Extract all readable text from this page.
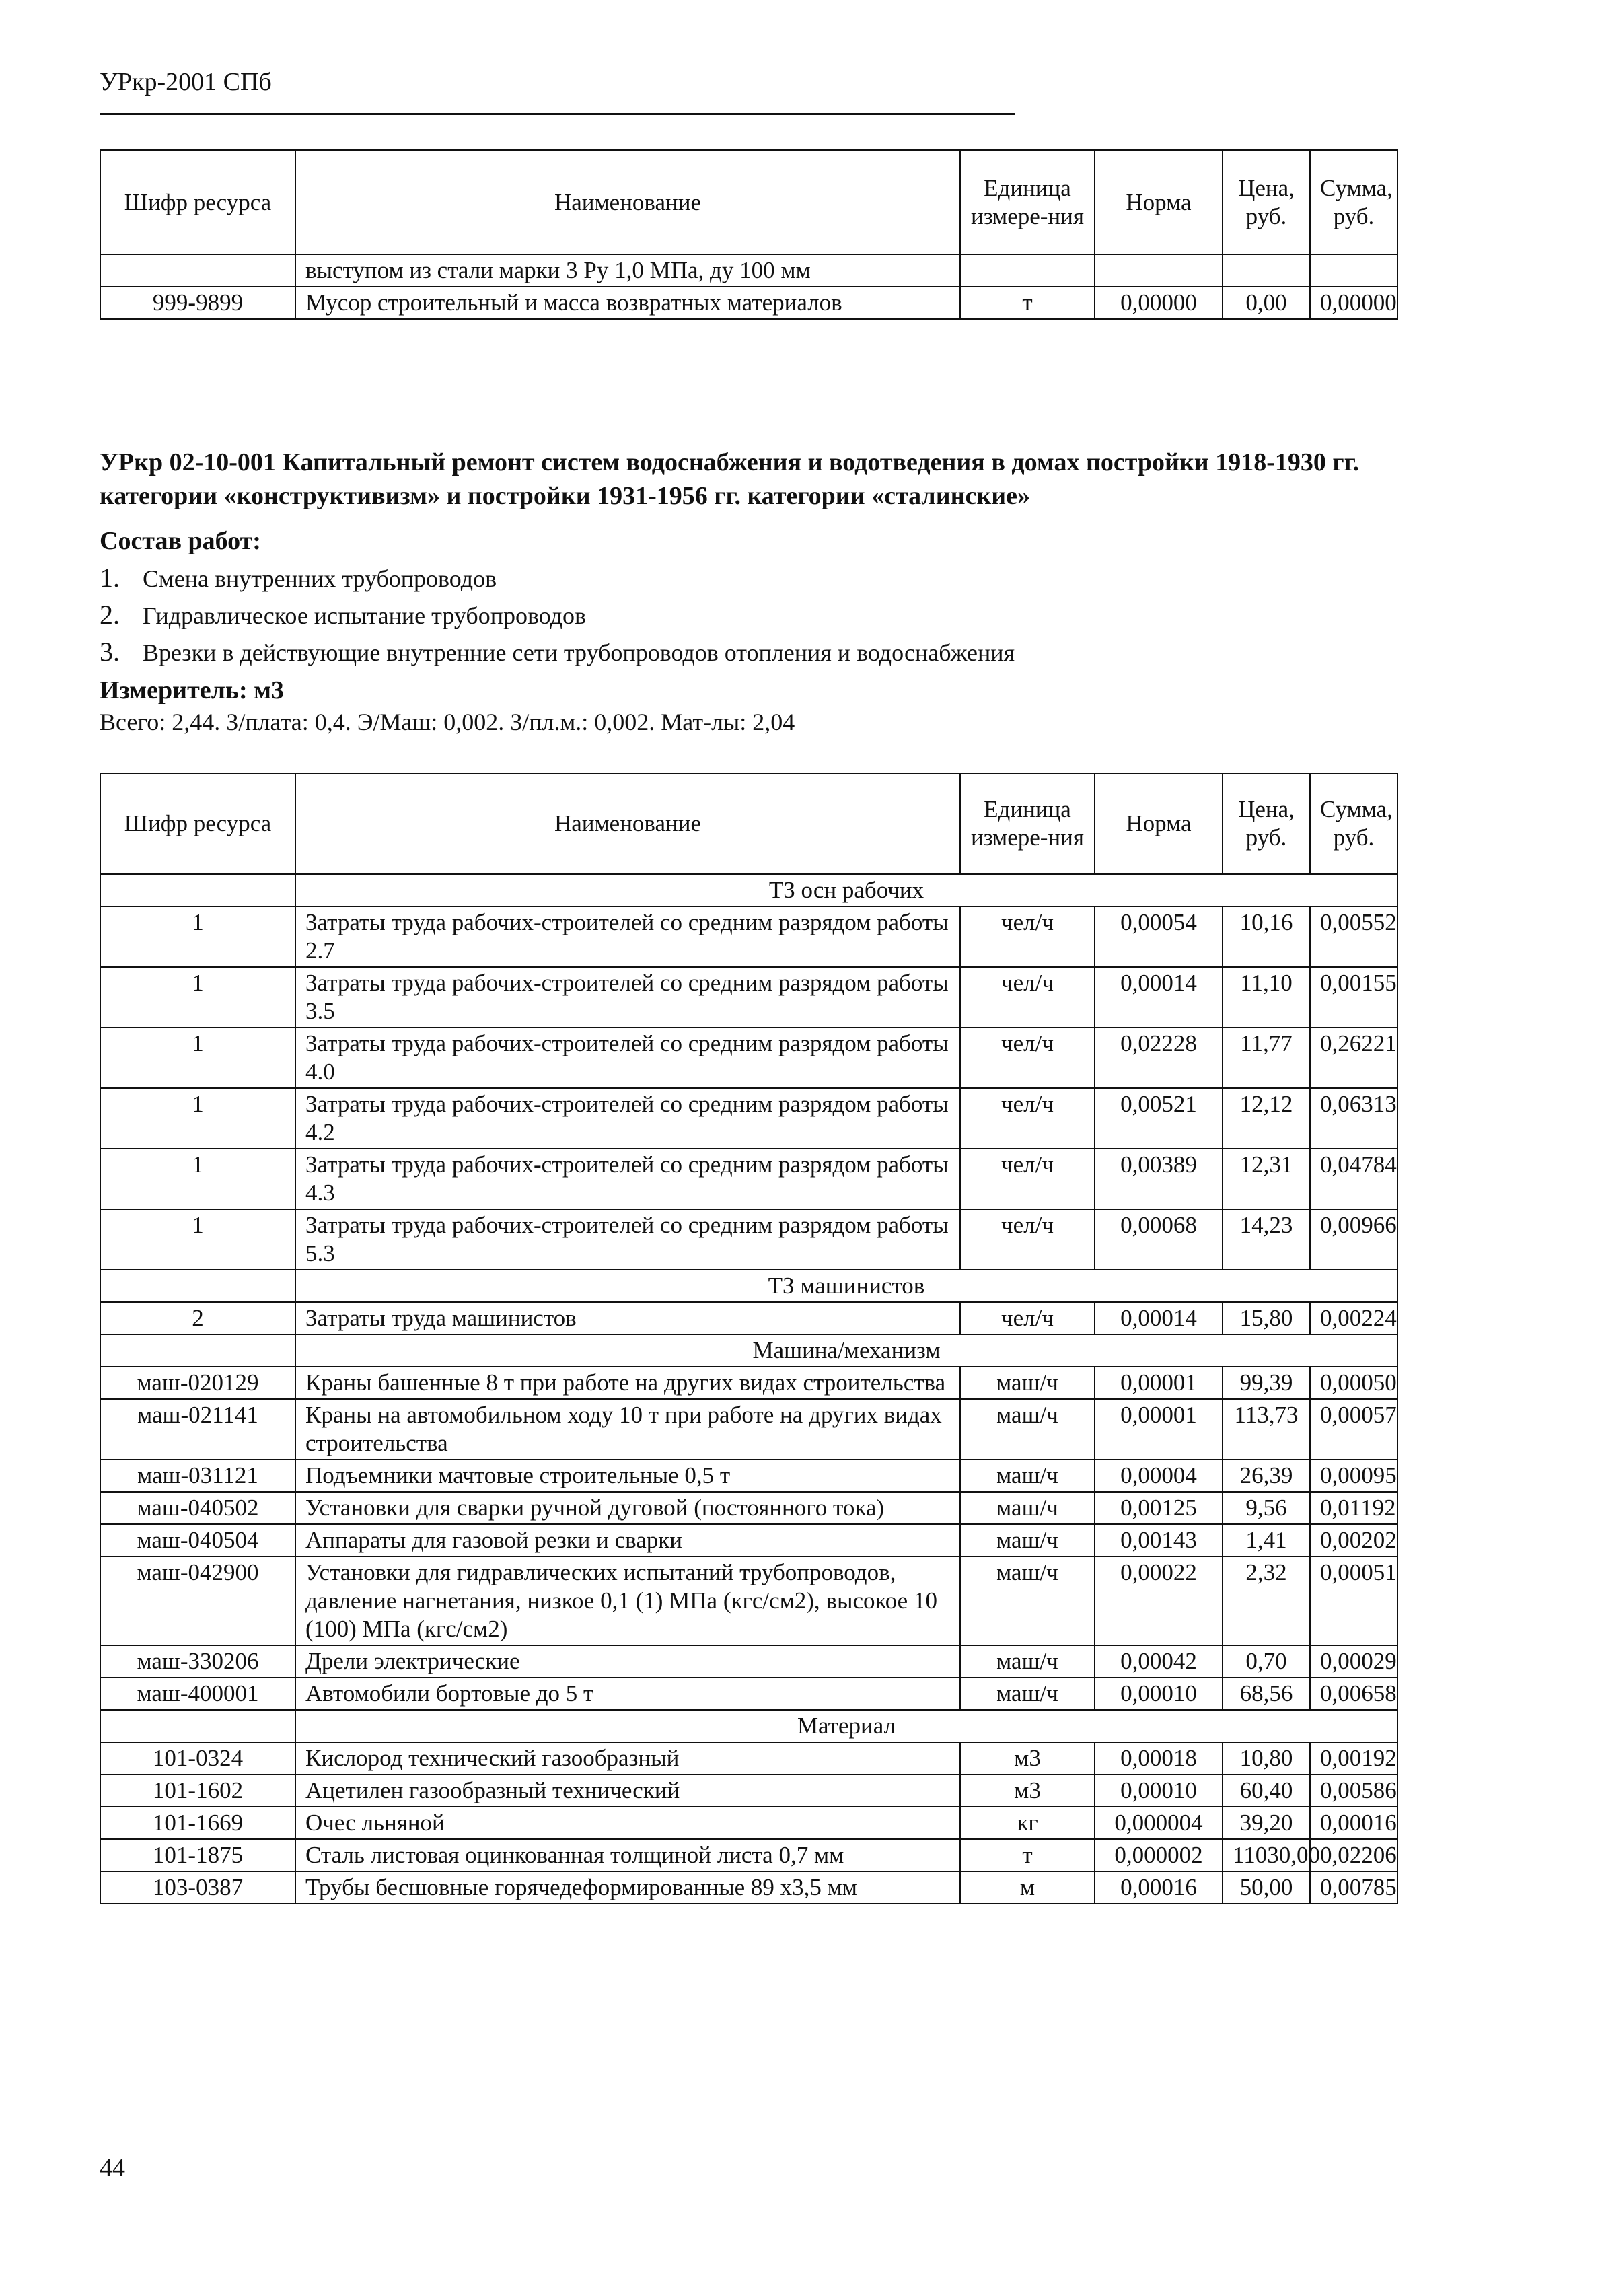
УРкр-2001 СПб
Шифр ресурса	Наименование	Единица измере-ния	Норма	Цена, руб.	Сумма, руб.
	выступом из стали марки 3 Ру 1,0 МПа, ду 100 мм				
999-9899	Мусор строительный и масса возвратных материалов	т	0,00000	0,00	0,00000
УРкр 02-10-001 Капитальный ремонт систем водоснабжения и водотведения в домах постройки 1918-1930 гг. категории «конструктивизм» и постройки 1931-1956 гг. категории «сталинские»
Состав работ:
1. Смена внутренних трубопроводов
2. Гидравлическое испытание трубопроводов
3. Врезки в действующие внутренние сети трубопроводов отопления и водоснабжения
Измеритель: м3
Всего: 2,44. З/плата: 0,4. Э/Маш: 0,002. З/пл.м.: 0,002. Мат-лы: 2,04
Шифр ресурса	Наименование	Единица измере-ния	Норма	Цена, руб.	Сумма, руб.
	ТЗ осн рабочих				
1	Затраты труда рабочих-строителей со средним разрядом работы 2.7	чел/ч	0,00054	10,16	0,00552
1	Затраты труда рабочих-строителей со средним разрядом работы 3.5	чел/ч	0,00014	11,10	0,00155
1	Затраты труда рабочих-строителей со средним разрядом работы 4.0	чел/ч	0,02228	11,77	0,26221
1	Затраты труда рабочих-строителей со средним разрядом работы 4.2	чел/ч	0,00521	12,12	0,06313
1	Затраты труда рабочих-строителей со средним разрядом работы 4.3	чел/ч	0,00389	12,31	0,04784
1	Затраты труда рабочих-строителей со средним разрядом работы 5.3	чел/ч	0,00068	14,23	0,00966
	ТЗ машинистов				
2	Затраты труда машинистов	чел/ч	0,00014	15,80	0,00224
	Машина/механизм				
маш-020129	Краны башенные 8 т при работе на других видах строительства	маш/ч	0,00001	99,39	0,00050
маш-021141	Краны на автомобильном ходу 10 т при работе на других видах строительства	маш/ч	0,00001	113,73	0,00057
маш-031121	Подъемники мачтовые строительные 0,5 т	маш/ч	0,00004	26,39	0,00095
маш-040502	Установки для сварки ручной дуговой (постоянного тока)	маш/ч	0,00125	9,56	0,01192
маш-040504	Аппараты для газовой резки и сварки	маш/ч	0,00143	1,41	0,00202
маш-042900	Установки для гидравлических испытаний трубопроводов, давление нагнетания, низкое 0,1 (1) МПа (кгс/см2), высокое 10 (100) МПа (кгс/см2)	маш/ч	0,00022	2,32	0,00051
маш-330206	Дрели электрические	маш/ч	0,00042	0,70	0,00029
маш-400001	Автомобили бортовые до 5 т	маш/ч	0,00010	68,56	0,00658
	Материал				
101-0324	Кислород технический газообразный	м3	0,00018	10,80	0,00192
101-1602	Ацетилен газообразный технический	м3	0,00010	60,40	0,00586
101-1669	Очес льняной	кг	0,000004	39,20	0,00016
101-1875	Сталь листовая оцинкованная толщиной листа 0,7 мм	т	0,000002	11030,00	0,02206
103-0387	Трубы бесшовные горячедеформированные 89 х3,5 мм	м	0,00016	50,00	0,00785
44
